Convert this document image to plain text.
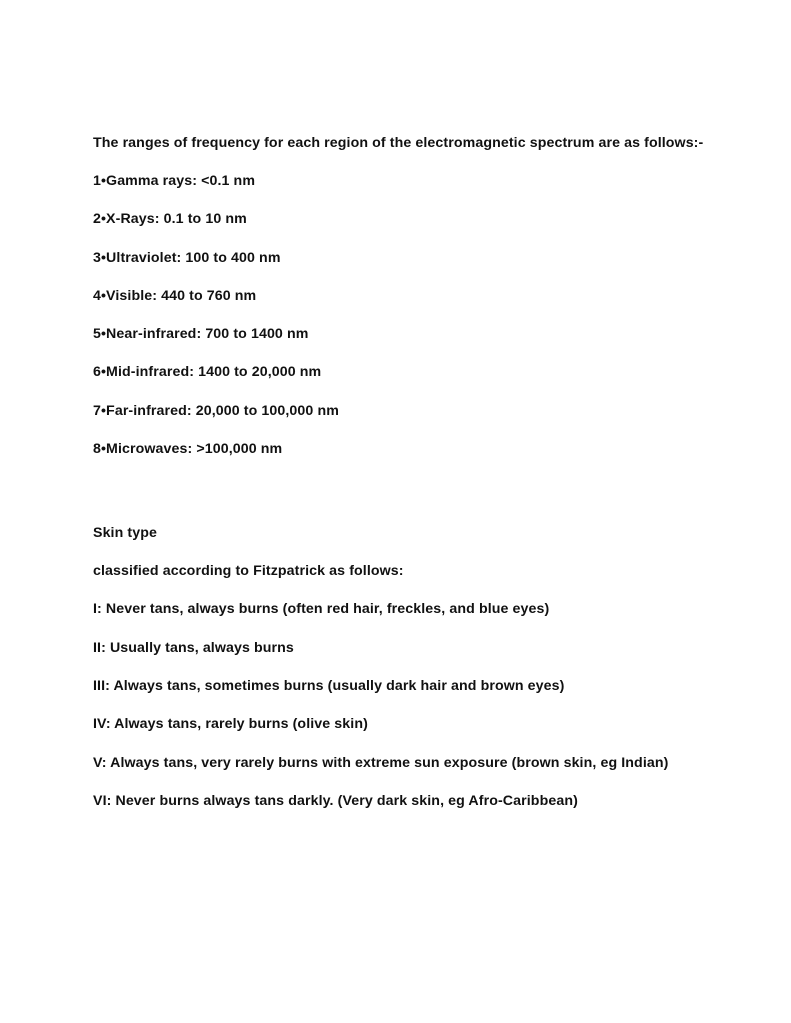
The ranges of frequency for each region of the electromagnetic spectrum are as follows:-

1•Gamma rays: <0.1 nm

2•X-Rays: 0.1 to 10 nm

3•Ultraviolet: 100 to 400 nm

4•Visible: 440 to 760 nm

5•Near-infrared: 700 to 1400 nm

6•Mid-infrared: 1400 to 20,000 nm

7•Far-infrared: 20,000 to 100,000 nm

8•Microwaves: >100,000 nm

Skin type

classified according to Fitzpatrick as follows:

I: Never tans, always burns (often red hair, freckles, and blue eyes)

II: Usually tans, always burns

III: Always tans, sometimes burns (usually dark hair and brown eyes)

IV: Always tans, rarely burns (olive skin)

V: Always tans, very rarely burns with extreme sun exposure (brown skin, eg Indian)

VI: Never burns always tans darkly. (Very dark skin, eg Afro-Caribbean)
